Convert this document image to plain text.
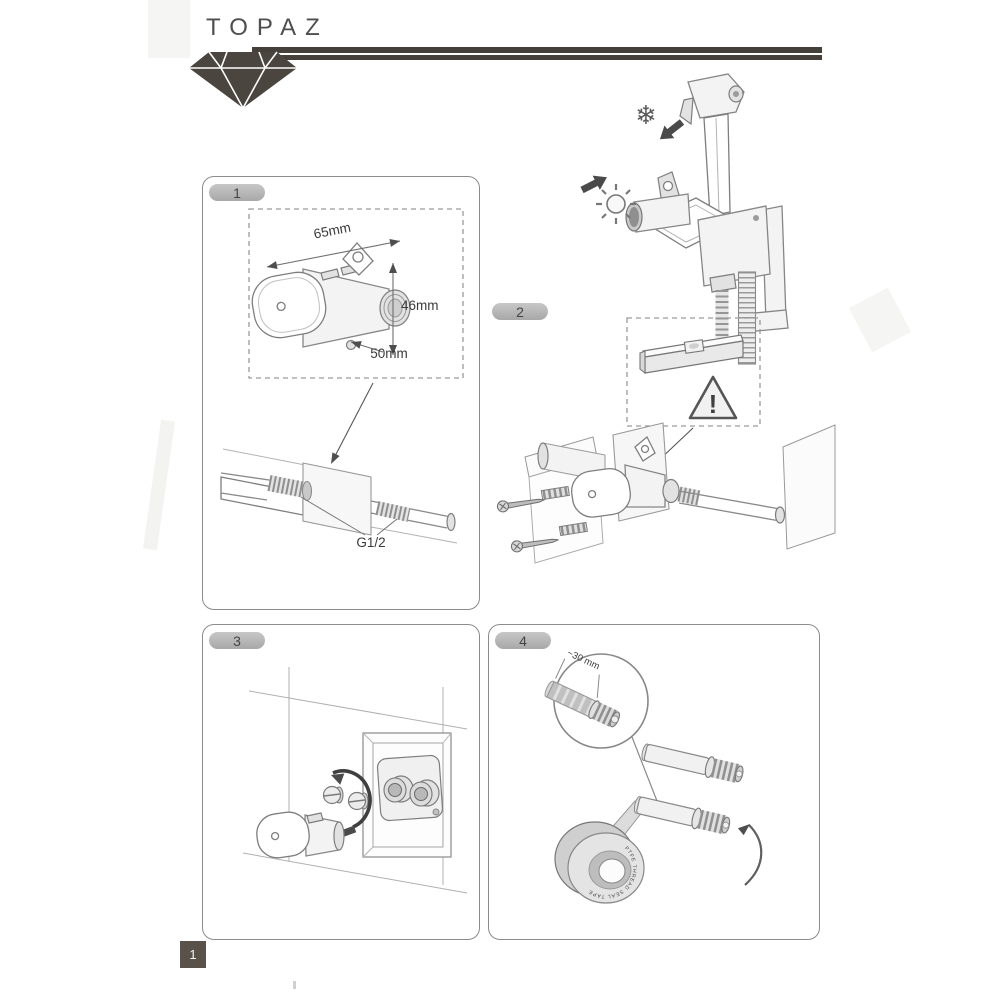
TOPAZ
❄
1
65mm
46mm
50mm
G1/2
2
!
3	4
~30 mm
PTFE THREAD SEAL TAPE
1
